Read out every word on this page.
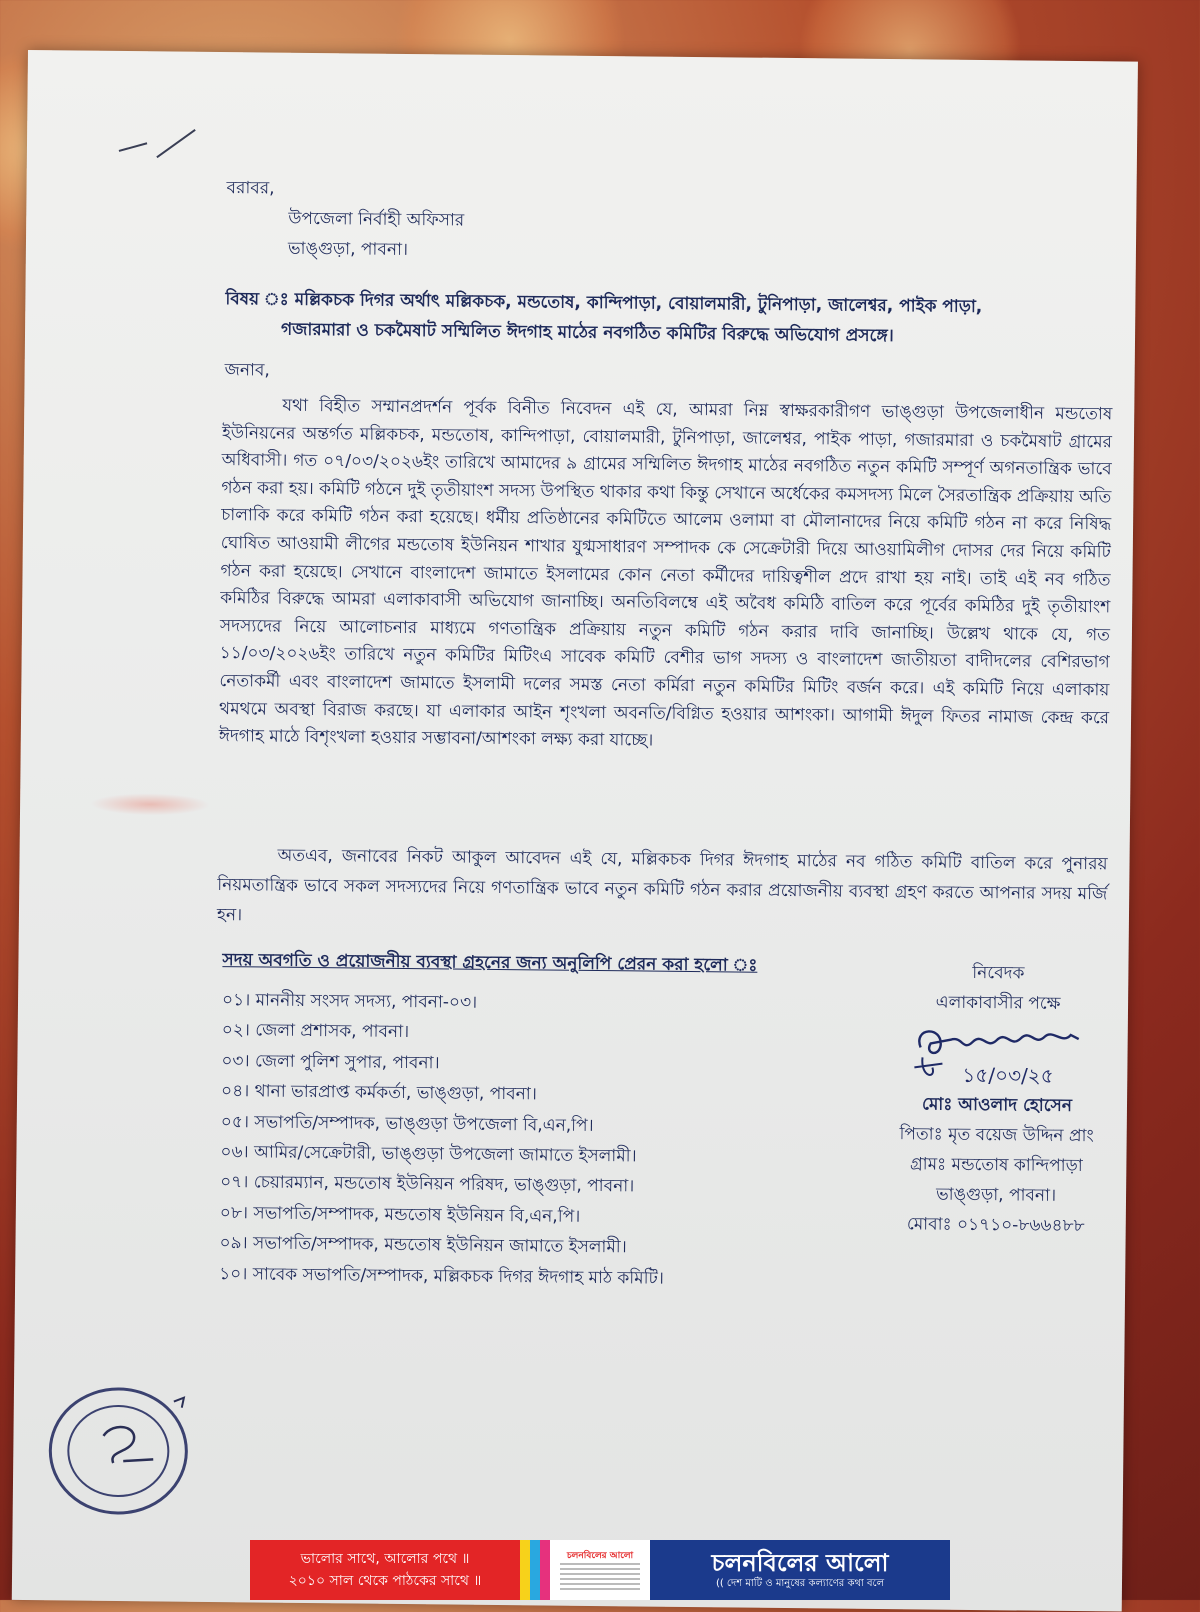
বরাবর,
উপজেলা নির্বাহী অফিসার
ভাঙ্গুড়া, পাবনা।
বিষয় ঃ মল্লিকচক দিগর অর্থাৎ মল্লিকচক, মন্ডতোষ, কান্দিপাড়া, বোয়ালমারী, টুনিপাড়া, জালেশ্বর, পাইক পাড়া,
গজারমারা ও চকমৈষাট সম্মিলিত ঈদগাহ মাঠের নবগঠিত কমিটির বিরুদ্ধে অভিযোগ প্রসঙ্গে।
জনাব,
যথা বিহীত সম্মানপ্রদর্শন পূর্বক বিনীত নিবেদন এই যে, আমরা নিম্ন স্বাক্ষরকারীগণ ভাঙ্গুড়া উপজেলাধীন মন্ডতোষ ইউনিয়নের অন্তর্গত মল্লিকচক, মন্ডতোষ, কান্দিপাড়া, বোয়ালমারী, টুনিপাড়া, জালেশ্বর, পাইক পাড়া, গজারমারা ও চকমৈষাট গ্রামের অধিবাসী। গত ০৭/০৩/২০২৬ইং তারিখে আমাদের ৯ গ্রামের সম্মিলিত ঈদগাহ মাঠের নবগঠিত নতুন কমিটি সম্পূর্ণ অগনতান্ত্রিক ভাবে গঠন করা হয়। কমিটি গঠনে দুই তৃতীয়াংশ সদস্য উপস্থিত থাকার কথা কিন্তু সেখানে অর্ধেকের কমসদস্য মিলে সৈরতান্ত্রিক প্রক্রিয়ায় অতি চালাকি করে কমিটি গঠন করা হয়েছে। ধর্মীয় প্রতিষ্ঠানের কমিটিতে আলেম ওলামা বা মৌলানাদের নিয়ে কমিটি গঠন না করে নিষিদ্ধ ঘোষিত আওয়ামী লীগের মন্ডতোষ ইউনিয়ন শাখার যুগ্মসাধারণ সম্পাদক কে সেক্রেটারী দিয়ে আওয়ামিলীগ দোসর দের নিয়ে কমিটি গঠন করা হয়েছে। সেখানে বাংলাদেশ জামাতে ইসলামের কোন নেতা কর্মীদের দায়িত্বশীল প্রদে রাখা হয় নাই। তাই এই নব গঠিত কমিঠির বিরুদ্ধে আমরা এলাকাবাসী অভিযোগ জানাচ্ছি। অনতিবিলম্বে এই অবৈধ কমিঠি বাতিল করে পূর্বের কমিঠির দুই তৃতীয়াংশ সদস্যদের নিয়ে আলোচনার মাধ্যমে গণতান্ত্রিক প্রক্রিয়ায় নতুন কমিটি গঠন করার দাবি জানাচ্ছি। উল্লেখ থাকে যে, গত ১১/০৩/২০২৬ইং তারিখে নতুন কমিটির মিটিংএ সাবেক কমিটি বেশীর ভাগ সদস্য ও বাংলাদেশ জাতীয়তা বাদীদলের বেশিরভাগ নেতাকর্মী এবং বাংলাদেশ জামাতে ইসলামী দলের সমস্ত নেতা কর্মিরা নতুন কমিটির মিটিং বর্জন করে। এই কমিটি নিয়ে এলাকায় থমথমে অবস্থা বিরাজ করছে। যা এলাকার আইন শৃংখলা অবনতি/বিগ্নিত হওয়ার আশংকা। আগামী ঈদুল ফিতর নামাজ কেন্দ্র করে ঈদগাহ মাঠে বিশৃংখলা হওয়ার সম্ভাবনা/আশংকা লক্ষ্য করা যাচ্ছে।
অতএব, জনাবের নিকট আকুল আবেদন এই যে, মল্লিকচক দিগর ঈদগাহ মাঠের নব গঠিত কমিটি বাতিল করে পুনারয় নিয়মতান্ত্রিক ভাবে সকল সদস্যদের নিয়ে গণতান্ত্রিক ভাবে নতুন কমিটি গঠন করার প্রয়োজনীয় ব্যবস্থা গ্রহণ করতে আপনার সদয় মর্জি হন।
সদয় অবগতি ও প্রয়োজনীয় ব্যবস্থা গ্রহনের জন্য অনুলিপি প্রেরন করা হলো ঃ
০১। মাননীয় সংসদ সদস্য, পাবনা-০৩।
০২। জেলা প্রশাসক, পাবনা।
০৩। জেলা পুলিশ সুপার, পাবনা।
০৪। থানা ভারপ্রাপ্ত কর্মকর্তা, ভাঙ্গুড়া, পাবনা।
০৫। সভাপতি/সম্পাদক, ভাঙ্গুড়া উপজেলা বি,এন,পি।
০৬। আমির/সেক্রেটারী, ভাঙ্গুড়া উপজেলা জামাতে ইসলামী।
০৭। চেয়ারম্যান, মন্ডতোষ ইউনিয়ন পরিষদ, ভাঙ্গুড়া, পাবনা।
০৮। সভাপতি/সম্পাদক, মন্ডতোষ ইউনিয়ন বি,এন,পি।
০৯। সভাপতি/সম্পাদক, মন্ডতোষ ইউনিয়ন জামাতে ইসলামী।
১০। সাবেক সভাপতি/সম্পাদক, মল্লিকচক দিগর ঈদগাহ মাঠ কমিটি।
নিবেদক
এলাকাবাসীর পক্ষে
১৫/০৩/২৫
মোঃ আওলাদ হোসেন
পিতাঃ মৃত বয়েজ উদ্দিন প্রাং
গ্রামঃ মন্ডতোষ কান্দিপাড়া
ভাঙ্গুড়া, পাবনা।
মোবাঃ ০১৭১০-৮৬৬৪৮৮
ভালোর সাথে, আলোর পথে ॥
২০১০ সাল থেকে পাঠকের সাথে ॥
চলনবিলের আলো	চলনবিলের আলো
(( দেশ মাটি ও মানুষের কল্যাণের কথা বলে
